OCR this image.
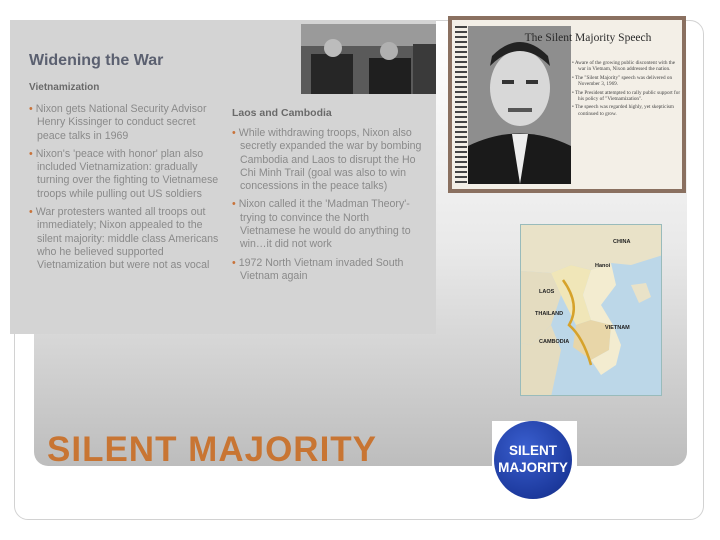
Widening the War
Vietnamization
• Nixon gets National Security Advisor Henry Kissinger to conduct secret peace talks in 1969
• Nixon's 'peace with honor' plan also included Vietnamization: gradually turning over the fighting to Vietnamese troops while pulling out US soldiers
• War protesters wanted all troops out immediately; Nixon appealed to the silent majority: middle class Americans who he believed supported Vietnamization but were not as vocal
Laos and Cambodia
• While withdrawing troops, Nixon also secretly expanded the war by bombing Cambodia and Laos to disrupt the Ho Chi Minh Trail (goal was also to win concessions in the peace talks)
• Nixon called it the 'Madman Theory'- trying to convince the North Vietnamese he would do anything to win…it did not work
• 1972 North Vietnam invaded South Vietnam again
The Silent Majority Speech
• Aware of the growing public discontent with the war in Vietnam, Nixon addressed the nation.
• The "Silent Majority" speech was delivered on November 3, 1969.
• The President attempted to rally public support for his policy of "Vietnamization".
• The speech was regarded highly, yet skepticism continued to grow.
CHINA
Hanoi
LAOS
THAILAND
CAMBODIA
VIETNAM
SILENT MAJORITY	SILENT
MAJORITY
